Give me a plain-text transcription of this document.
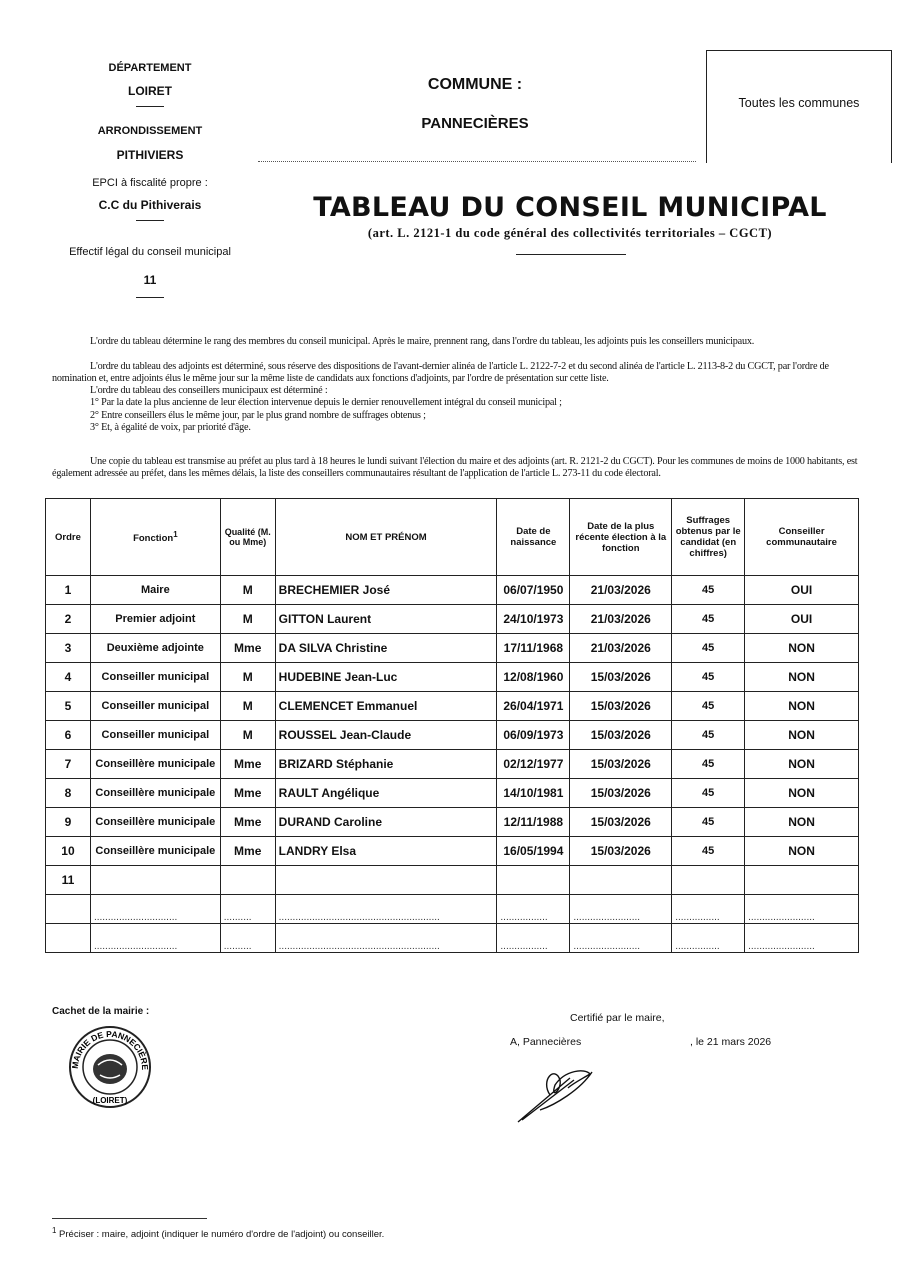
DÉPARTEMENT
LOIRET
ARRONDISSEMENT
PITHIVIERS
EPCI à fiscalité propre :
C.C du Pithiverais
Effectif légal du conseil municipal
11
COMMUNE :
PANNECIÈRES
Toutes les communes
TABLEAU DU CONSEIL MUNICIPAL
(art. L. 2121-1 du code général des collectivités territoriales – CGCT)
L'ordre du tableau détermine le rang des membres du conseil municipal. Après le maire, prennent rang, dans l'ordre du tableau, les adjoints puis les conseillers municipaux.
L'ordre du tableau des adjoints est déterminé, sous réserve des dispositions de l'avant-dernier alinéa de l'article L. 2122-7-2 et du second alinéa de l'article L. 2113-8-2 du CGCT, par l'ordre de nomination et, entre adjoints élus le même jour sur la même liste de candidats aux fonctions d'adjoints, par l'ordre de présentation sur cette liste.
L'ordre du tableau des conseillers municipaux est déterminé :
1° Par la date la plus ancienne de leur élection intervenue depuis le dernier renouvellement intégral du conseil municipal ;
2° Entre conseillers élus le même jour, par le plus grand nombre de suffrages obtenus ;
3° Et, à égalité de voix, par priorité d'âge.
Une copie du tableau est transmise au préfet au plus tard à 18 heures le lundi suivant l'élection du maire et des adjoints (art. R. 2121-2 du CGCT). Pour les communes de moins de 1000 habitants, est également adressée au préfet, dans les mêmes délais, la liste des conseillers communautaires résultant de l'application de l'article L. 273-11 du code électoral.
Ordre	Fonction$^1$	Qualité (M. ou Mme)	NOM ET PRÉNOM	Date de naissance	Date de la plus récente élection à la fonction	Suffrages obtenus par le candidat (en chiffres)	Conseiller communautaire
1	Maire	M	BRECHEMIER José	06/07/1950	21/03/2026	45	OUI
2	Premier adjoint	M	GITTON Laurent	24/10/1973	21/03/2026	45	OUI
3	Deuxième adjointe	Mme	DA SILVA Christine	17/11/1968	21/03/2026	45	NON
4	Conseiller municipal	M	HUDEBINE Jean-Luc	12/08/1960	15/03/2026	45	NON
5	Conseiller municipal	M	CLEMENCET Emmanuel	26/04/1971	15/03/2026	45	NON
6	Conseiller municipal	M	ROUSSEL Jean-Claude	06/09/1973	15/03/2026	45	NON
7	Conseillère municipale	Mme	BRIZARD Stéphanie	02/12/1977	15/03/2026	45	NON
8	Conseillère municipale	Mme	RAULT Angélique	14/10/1981	15/03/2026	45	NON
9	Conseillère municipale	Mme	DURAND Caroline	12/11/1988	15/03/2026	45	NON
10	Conseillère municipale	Mme	LANDRY Elsa	16/05/1994	15/03/2026	45	NON
11							
	..............................	..........	..........................................................	.................	........................	................	........................
	..............................	..........	..........................................................	.................	........................	................	........................
Cachet de la mairie :
MAIRIE DE PANNECIÈRE
(LOIRET)
Certifié par le maire,
A, Pannecières	, le 21 mars 2026
$^1$ Préciser : maire, adjoint (indiquer le numéro d'ordre de l'adjoint) ou conseiller.
